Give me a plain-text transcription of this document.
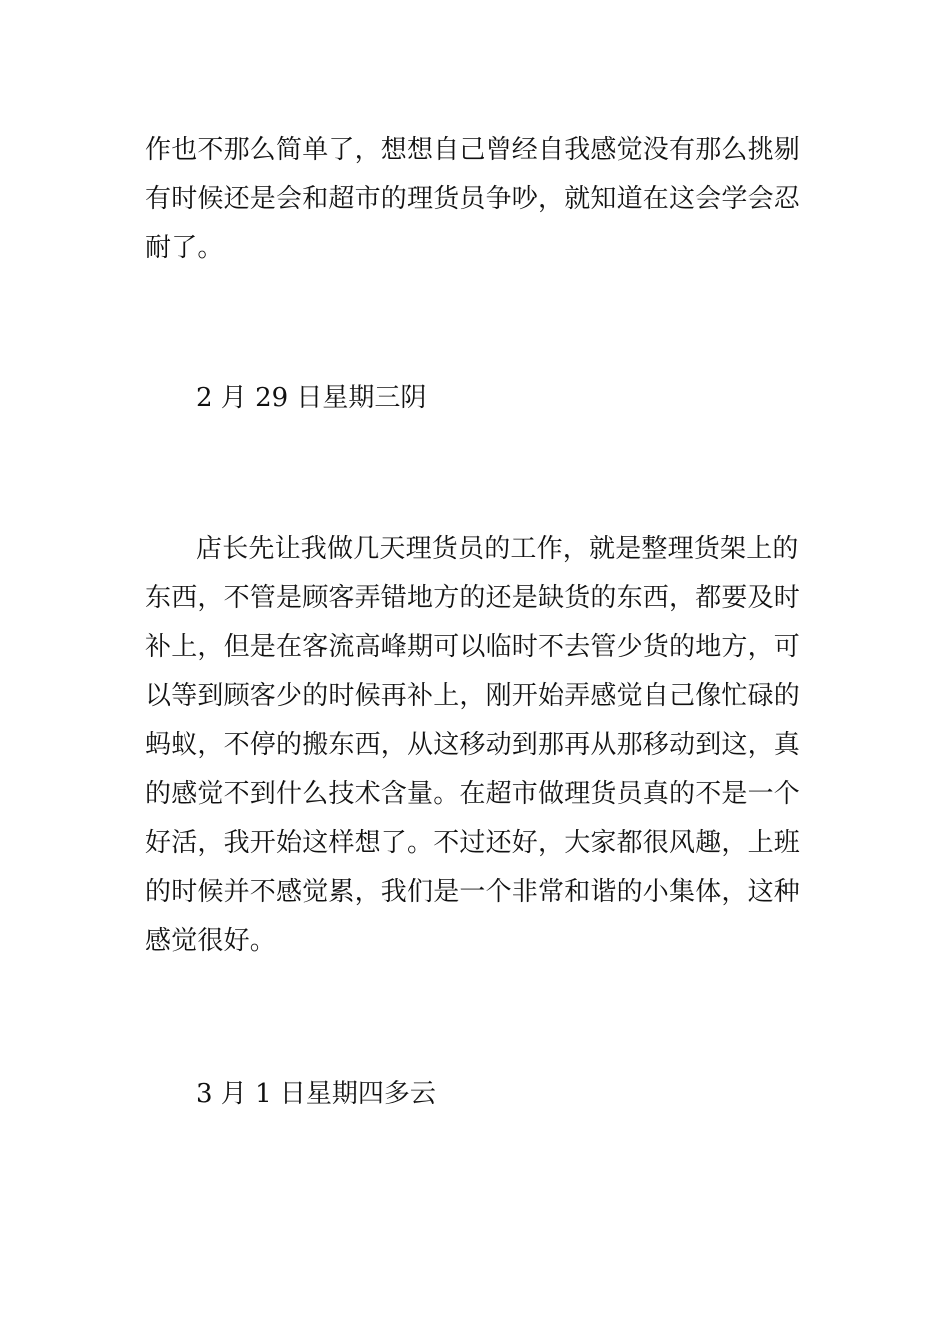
作也不那么简单了，想想自己曾经自我感觉没有那么挑剔
有时候还是会和超市的理货员争吵，就知道在这会学会忍
耐了。
2 月 29 日星期三阴
店长先让我做几天理货员的工作，就是整理货架上的
东西，不管是顾客弄错地方的还是缺货的东西，都要及时
补上，但是在客流高峰期可以临时不去管少货的地方，可
以等到顾客少的时候再补上，刚开始弄感觉自己像忙碌的
蚂蚁，不停的搬东西，从这移动到那再从那移动到这，真
的感觉不到什么技术含量。在超市做理货员真的不是一个
好活，我开始这样想了。不过还好，大家都很风趣，上班
的时候并不感觉累，我们是一个非常和谐的小集体，这种
感觉很好。
3 月 1 日星期四多云
